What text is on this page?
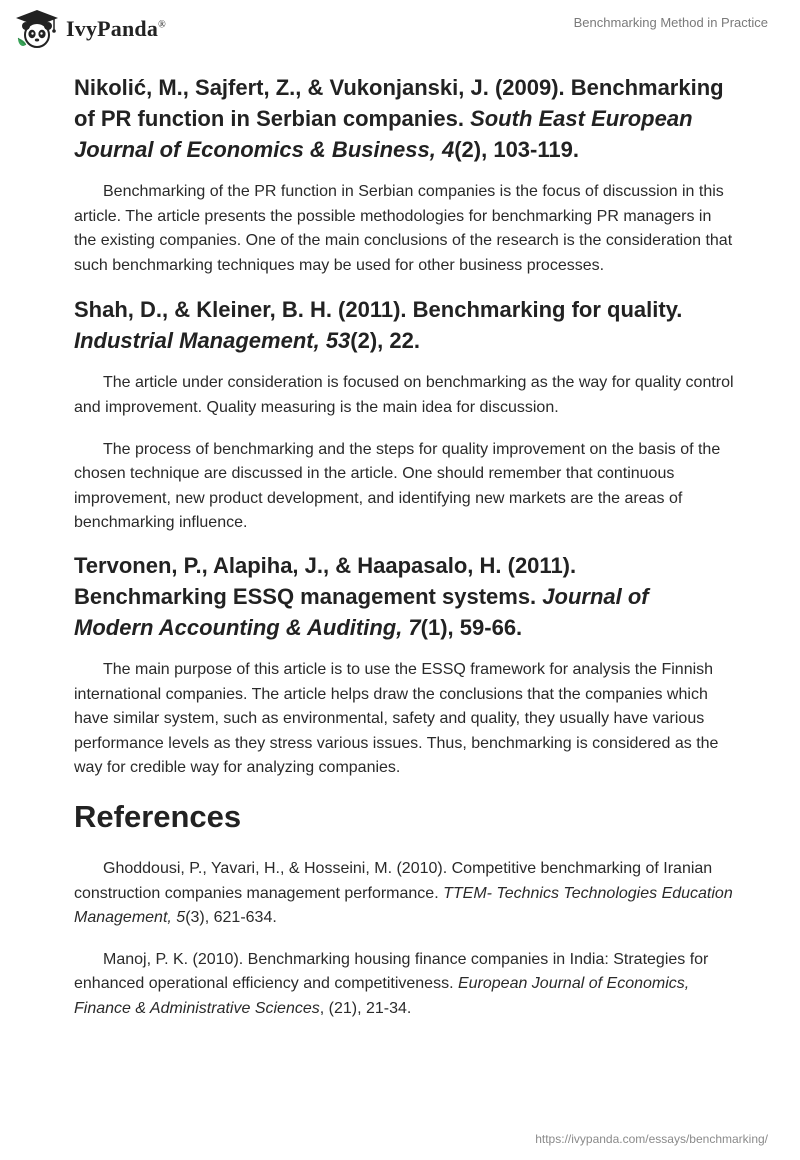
IvyPanda®	Benchmarking Method in Practice
Nikolić, M., Sajfert, Z., & Vukonjanski, J. (2009). Benchmarking of PR function in Serbian companies. South East European Journal of Economics & Business, 4(2), 103-119.

Benchmarking of the PR function in Serbian companies is the focus of discussion in this article. The article presents the possible methodologies for benchmarking PR managers in the existing companies. One of the main conclusions of the research is the consideration that such benchmarking techniques may be used for other business processes.

Shah, D., & Kleiner, B. H. (2011). Benchmarking for quality. Industrial Management, 53(2), 22.

The article under consideration is focused on benchmarking as the way for quality control and improvement. Quality measuring is the main idea for discussion.

The process of benchmarking and the steps for quality improvement on the basis of the chosen technique are discussed in the article. One should remember that continuous improvement, new product development, and identifying new markets are the areas of benchmarking influence.

Tervonen, P., Alapiha, J., & Haapasalo, H. (2011). Benchmarking ESSQ management systems. Journal of Modern Accounting & Auditing, 7(1), 59-66.

The main purpose of this article is to use the ESSQ framework for analysis the Finnish international companies. The article helps draw the conclusions that the companies which have similar system, such as environmental, safety and quality, they usually have various performance levels as they stress various issues. Thus, benchmarking is considered as the way for credible way for analyzing companies.

References

Ghoddousi, P., Yavari, H., & Hosseini, M. (2010). Competitive benchmarking of Iranian construction companies management performance. TTEM- Technics Technologies Education Management, 5(3), 621-634.

Manoj, P. K. (2010). Benchmarking housing finance companies in India: Strategies for enhanced operational efficiency and competitiveness. European Journal of Economics, Finance & Administrative Sciences, (21), 21-34.

https://ivypanda.com/essays/benchmarking/
